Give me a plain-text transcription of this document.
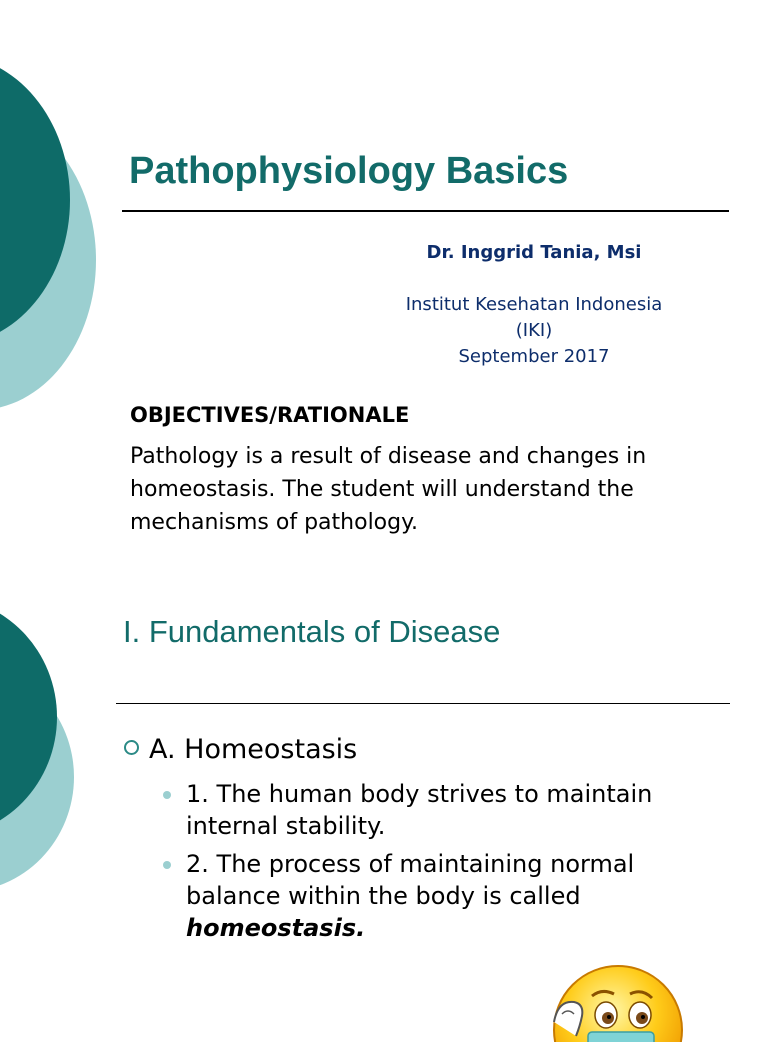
Pathophysiology Basics
Dr. Inggrid Tania, Msi
Institut Kesehatan Indonesia
(IKI)
September 2017
OBJECTIVES/RATIONALE
Pathology is a result of disease and changes in homeostasis. The student will understand the mechanisms of pathology.
I. Fundamentals of Disease
A. Homeostasis
1. The human body strives to maintain internal stability.
2. The process of maintaining normal balance within the body is called homeostasis.
